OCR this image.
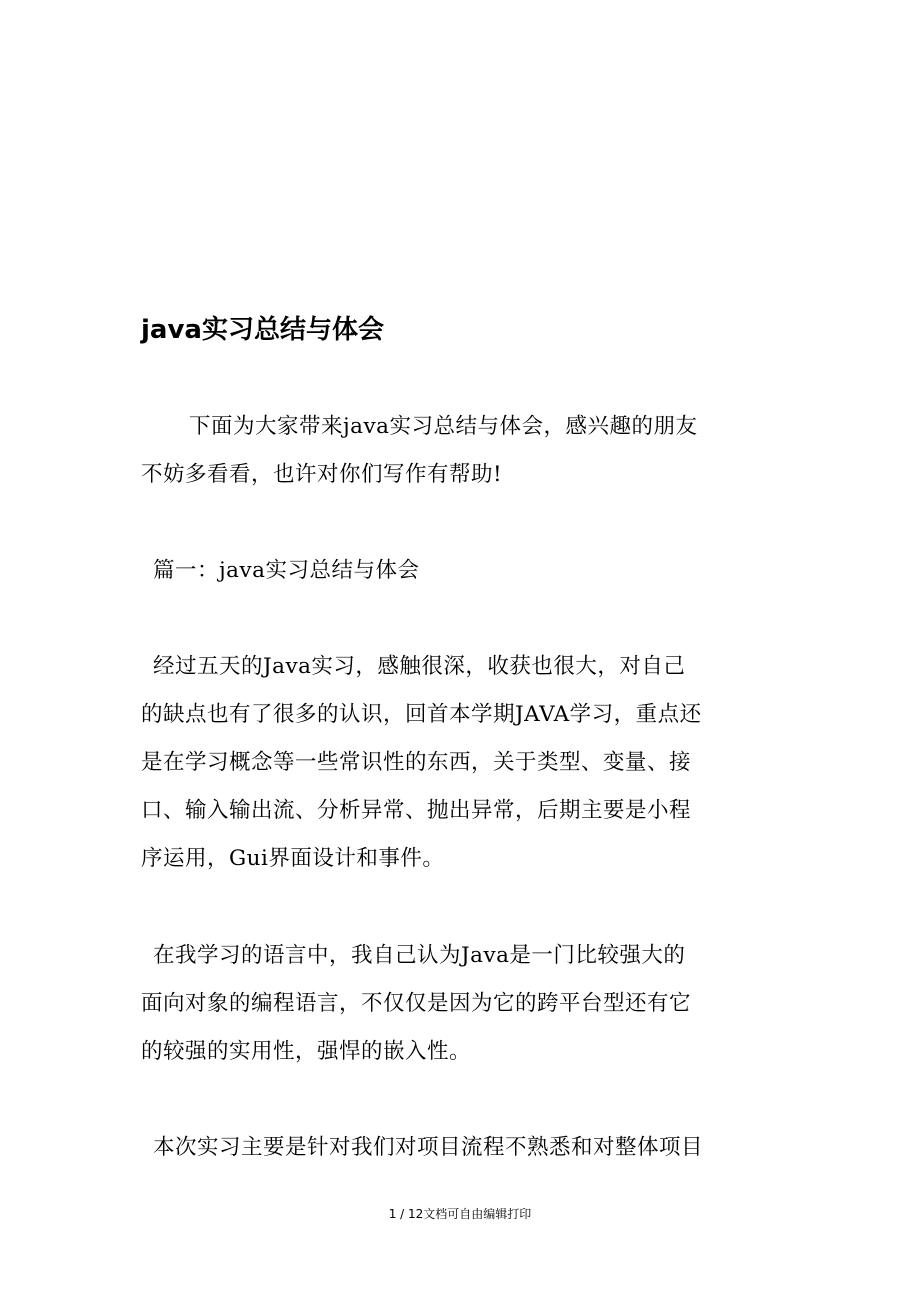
java实习总结与体会
下面为大家带来java实习总结与体会，感兴趣的朋友
不妨多看看，也许对你们写作有帮助!
篇一：java实习总结与体会
经过五天的Java实习，感触很深，收获也很大，对自己
的缺点也有了很多的认识，回首本学期JAVA学习，重点还
是在学习概念等一些常识性的东西，关于类型、变量、接
口、输入输出流、分析异常、抛出异常，后期主要是小程
序运用，Gui界面设计和事件。
在我学习的语言中，我自己认为Java是一门比较强大的
面向对象的编程语言，不仅仅是因为它的跨平台型还有它
的较强的实用性，强悍的嵌入性。
本次实习主要是针对我们对项目流程不熟悉和对整体项目
1 / 12文档可自由编辑打印
